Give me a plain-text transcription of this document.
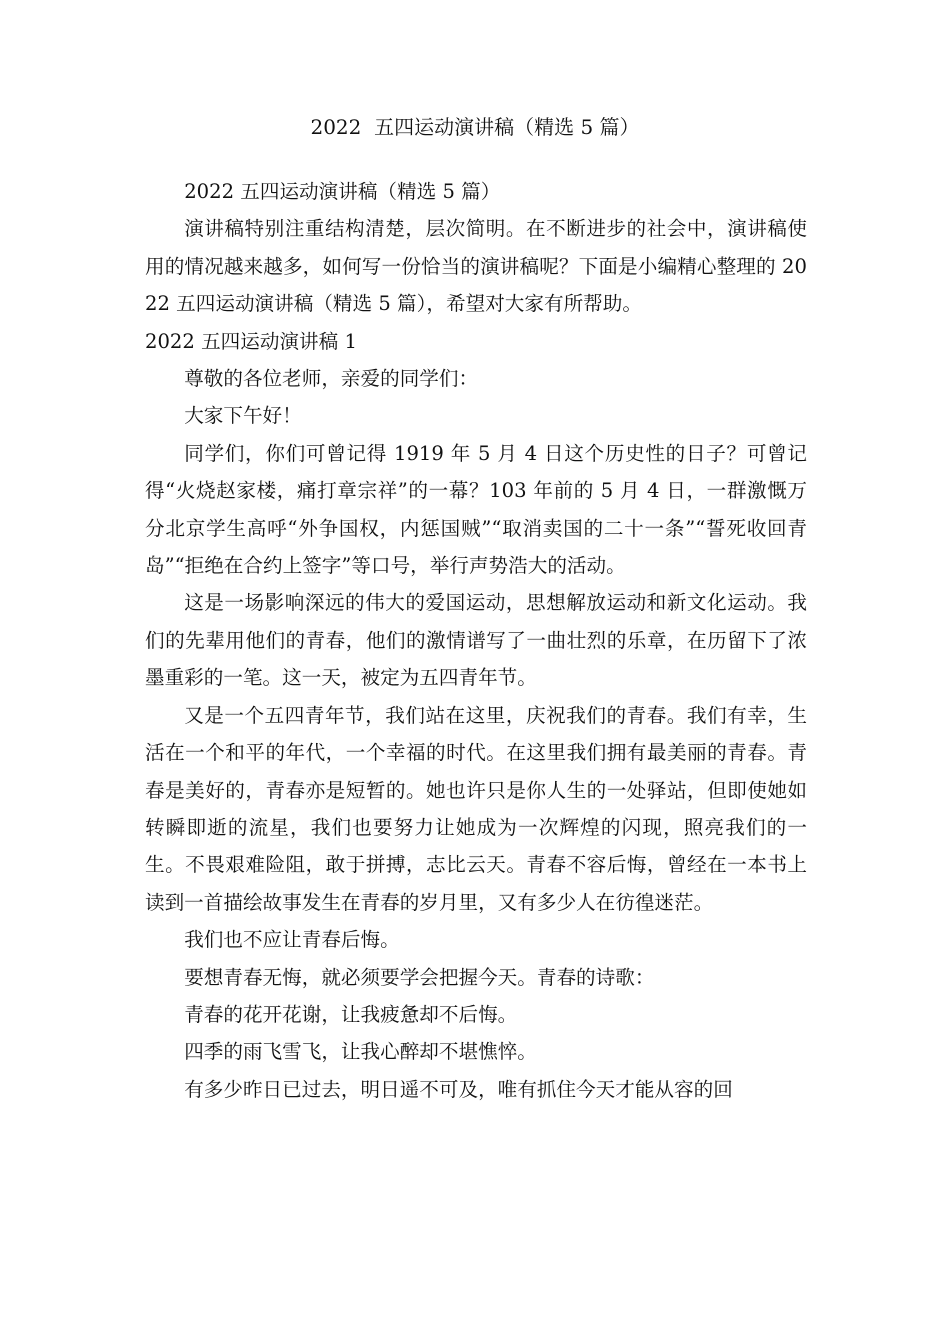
2022  五四运动演讲稿（精选 5 篇）

2022 五四运动演讲稿（精选 5 篇）

演讲稿特别注重结构清楚，层次简明。在不断进步的社会中，演讲稿使用的情况越来越多，如何写一份恰当的演讲稿呢？下面是小编精心整理的 2022 五四运动演讲稿（精选 5 篇），希望对大家有所帮助。

2022 五四运动演讲稿 1

尊敬的各位老师，亲爱的同学们：

大家下午好！

同学们，你们可曾记得 1919 年 5 月 4 日这个历史性的日子？可曾记得“火烧赵家楼，痛打章宗祥”的一幕？103 年前的 5 月 4 日，一群激慨万分北京学生高呼“外争国权，内惩国贼”“取消卖国的二十一条”“誓死收回青岛”“拒绝在合约上签字”等口号，举行声势浩大的活动。

这是一场影响深远的伟大的爱国运动，思想解放运动和新文化运动。我们的先辈用他们的青春，他们的激情谱写了一曲壮烈的乐章，在历留下了浓墨重彩的一笔。这一天，被定为五四青年节。

又是一个五四青年节，我们站在这里，庆祝我们的青春。我们有幸，生活在一个和平的年代，一个幸福的时代。在这里我们拥有最美丽的青春。青春是美好的，青春亦是短暂的。她也许只是你人生的一处驿站，但即使她如转瞬即逝的流星，我们也要努力让她成为一次辉煌的闪现，照亮我们的一生。不畏艰难险阻，敢于拼搏，志比云天。青春不容后悔，曾经在一本书上读到一首描绘故事发生在青春的岁月里，又有多少人在彷徨迷茫。

我们也不应让青春后悔。

要想青春无悔，就必须要学会把握今天。青春的诗歌：

青春的花开花谢，让我疲惫却不后悔。

四季的雨飞雪飞，让我心醉却不堪憔悴。

有多少昨日已过去，明日遥不可及，唯有抓住今天才能从容的回
